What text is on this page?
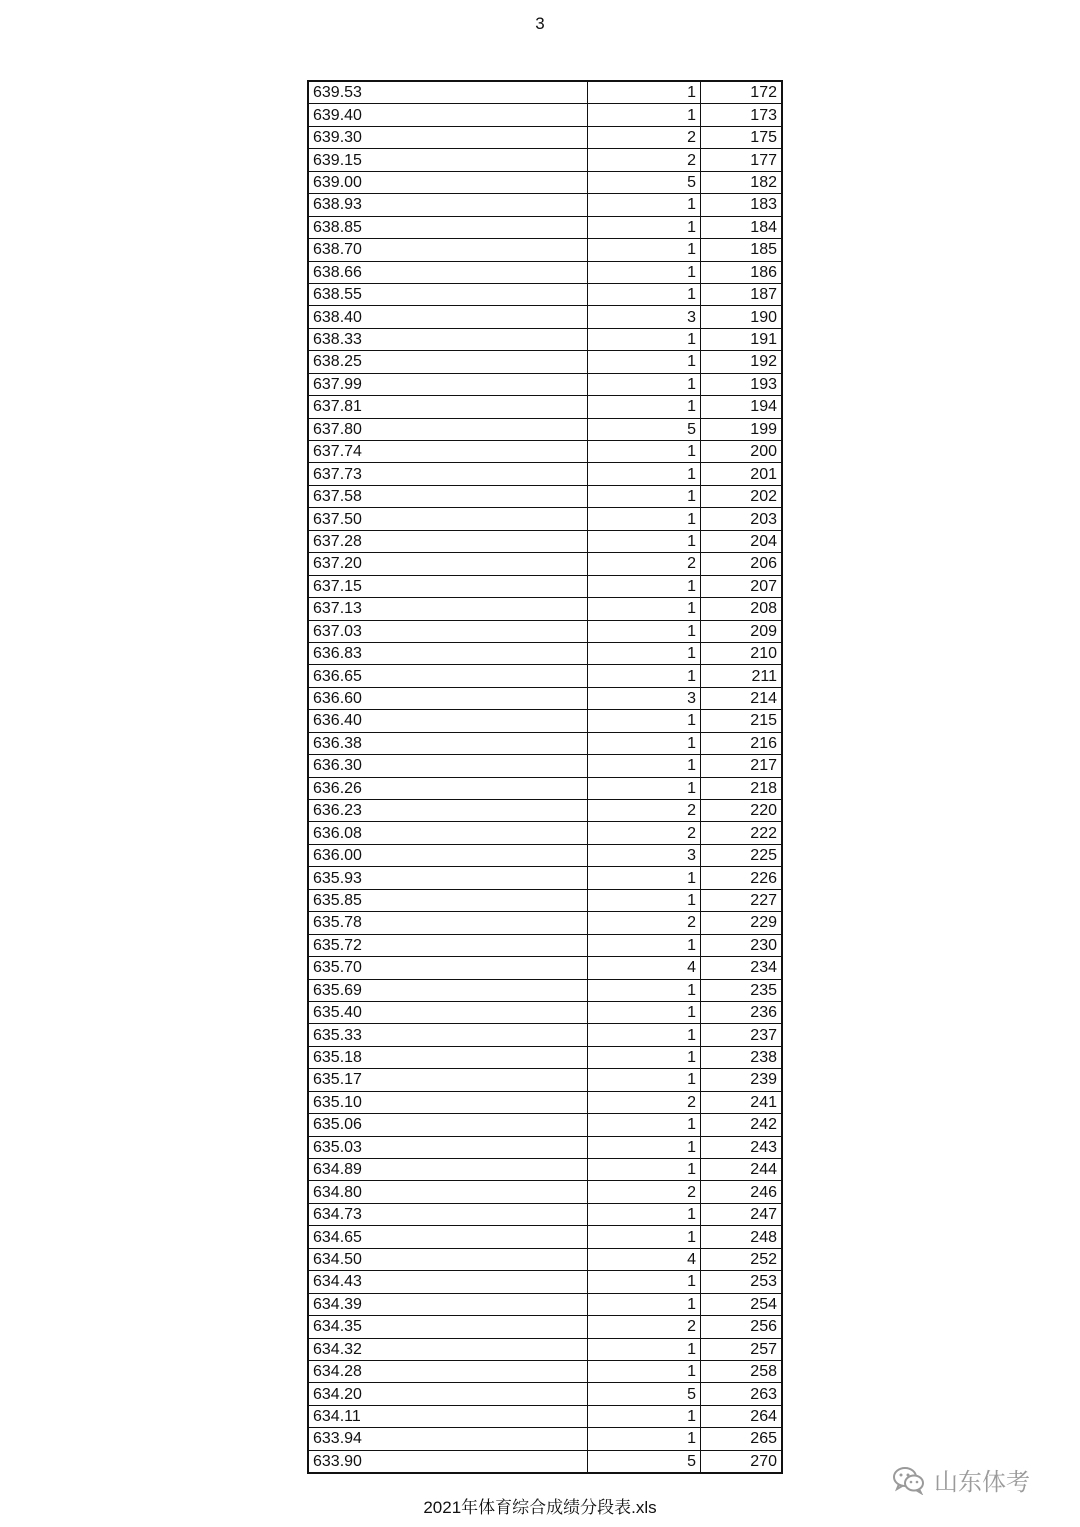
3
639.53	1	172
639.40	1	173
639.30	2	175
639.15	2	177
639.00	5	182
638.93	1	183
638.85	1	184
638.70	1	185
638.66	1	186
638.55	1	187
638.40	3	190
638.33	1	191
638.25	1	192
637.99	1	193
637.81	1	194
637.80	5	199
637.74	1	200
637.73	1	201
637.58	1	202
637.50	1	203
637.28	1	204
637.20	2	206
637.15	1	207
637.13	1	208
637.03	1	209
636.83	1	210
636.65	1	211
636.60	3	214
636.40	1	215
636.38	1	216
636.30	1	217
636.26	1	218
636.23	2	220
636.08	2	222
636.00	3	225
635.93	1	226
635.85	1	227
635.78	2	229
635.72	1	230
635.70	4	234
635.69	1	235
635.40	1	236
635.33	1	237
635.18	1	238
635.17	1	239
635.10	2	241
635.06	1	242
635.03	1	243
634.89	1	244
634.80	2	246
634.73	1	247
634.65	1	248
634.50	4	252
634.43	1	253
634.39	1	254
634.35	2	256
634.32	1	257
634.28	1	258
634.20	5	263
634.11	1	264
633.94	1	265
633.90	5	270
2021年体育综合成绩分段表.xls
山东体考
